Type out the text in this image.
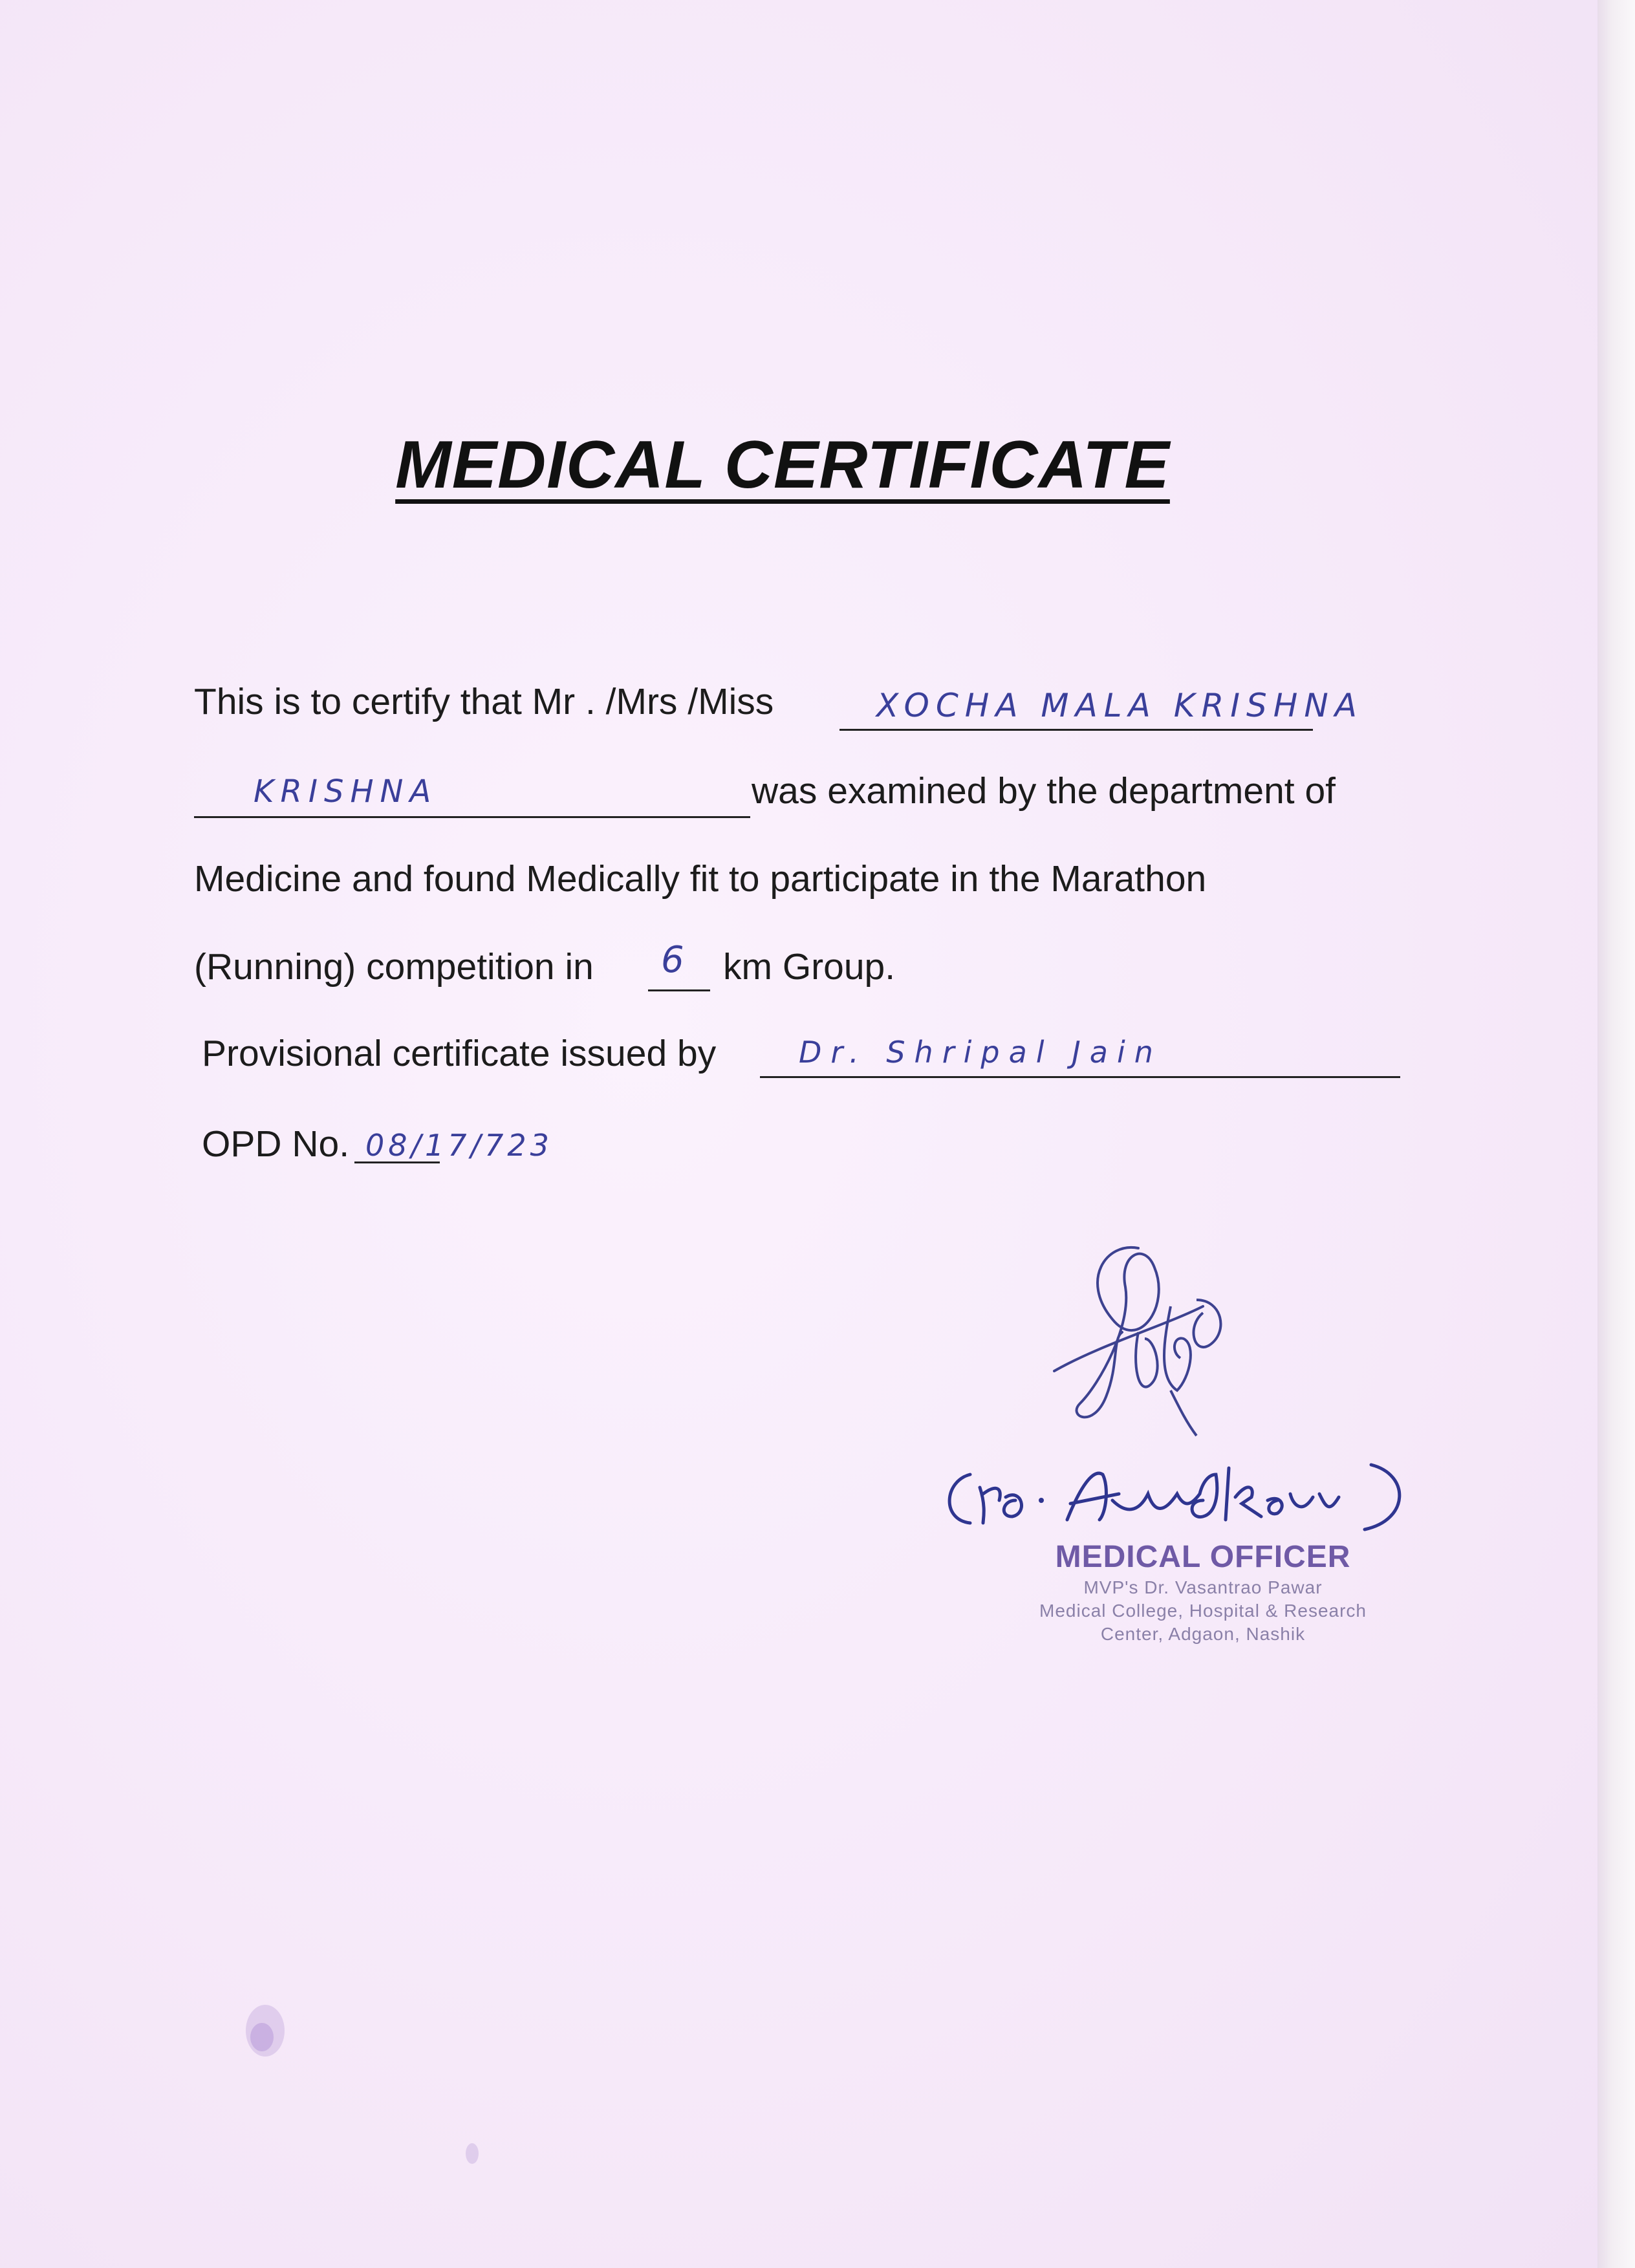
MEDICAL CERTIFICATE
This is to certify that Mr . /Mrs /Miss	XOCHA MALA KRISHNA
KRISHNA	was examined by the department of
Medicine and found Medically fit to participate in the Marathon
(Running) competition in 6 km Group.
Provisional certificate issued by	Dr. Shripal Jain
OPD No. 08/17/723
MEDICAL OFFICER
MVP's Dr. Vasantrao Pawar
Medical College, Hospital & Research
Center, Adgaon, Nashik
